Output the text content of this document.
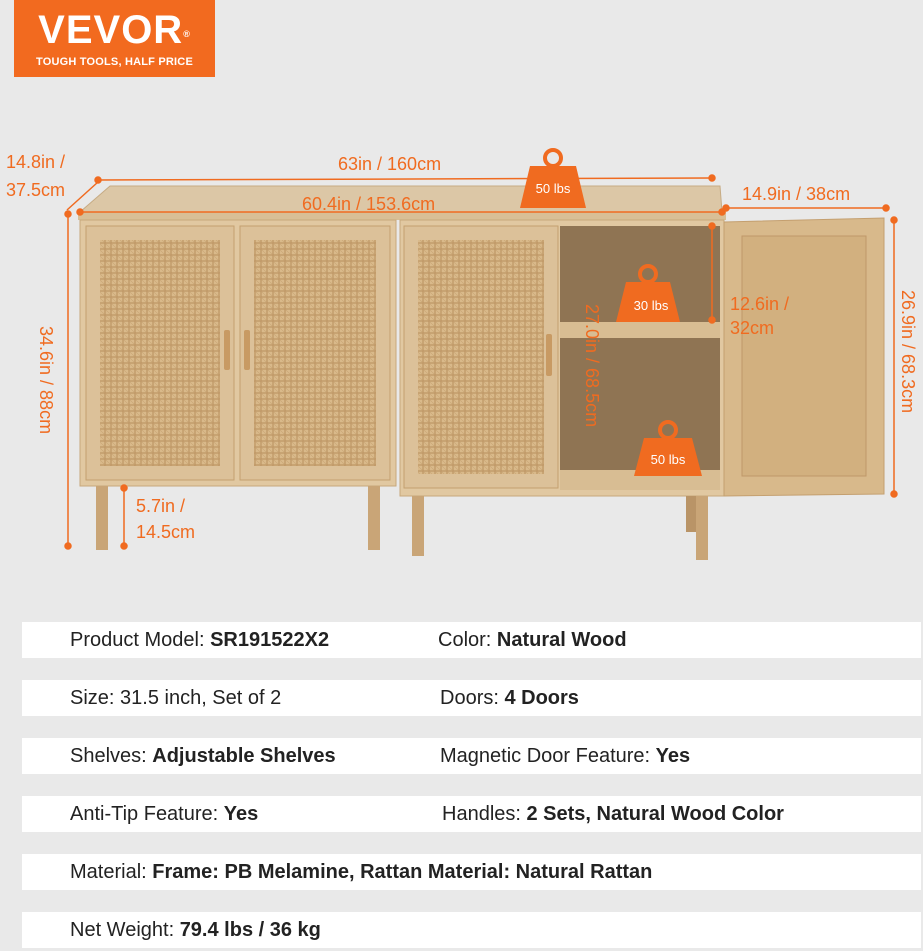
VEVOR®
TOUGH TOOLS, HALF PRICE
14.8in /
37.5cm
63in / 160cm
60.4in / 153.6cm	14.9in / 38cm
5.7in /
14.5cm
12.6in /
32cm
34.6in / 88cm	27.0in / 68.5cm	26.9in / 68.3cm
50 lbs
30 lbs
50 lbs
Product Model: SR191522X2	Color: Natural Wood
Size: 31.5 inch, Set of 2	Doors: 4 Doors
Shelves: Adjustable Shelves	Magnetic Door Feature: Yes
Anti-Tip Feature: Yes	Handles: 2 Sets, Natural Wood Color
Material: Frame: PB Melamine, Rattan Material: Natural Rattan
Net Weight: 79.4 lbs / 36 kg
